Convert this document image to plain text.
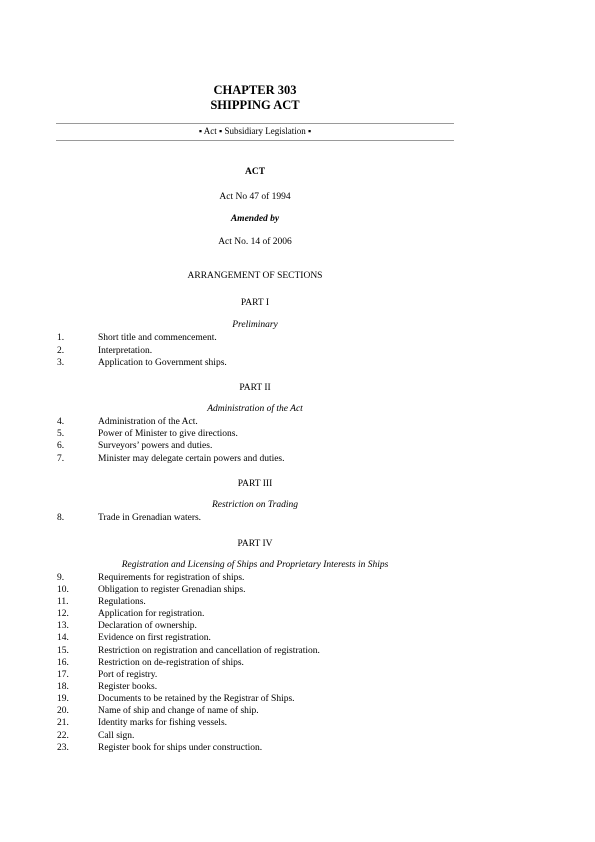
CHAPTER 303
SHIPPING ACT
▪ Act ▪ Subsidiary Legislation ▪
ACT
Act No 47 of 1994
Amended by
Act No. 14 of 2006
ARRANGEMENT OF SECTIONS
PART I
Preliminary
1.	Short title and commencement.
2.	Interpretation.
3.	Application to Government ships.
PART II
Administration of the Act
4.	Administration of the Act.
5.	Power of Minister to give directions.
6.	Surveyors’ powers and duties.
7.	Minister may delegate certain powers and duties.
PART III
Restriction on Trading
8.	Trade in Grenadian waters.
PART IV
Registration and Licensing of Ships and Proprietary Interests in Ships
9.	Requirements for registration of ships.
10.	Obligation to register Grenadian ships.
11.	Regulations.
12.	Application for registration.
13.	Declaration of ownership.
14.	Evidence on first registration.
15.	Restriction on registration and cancellation of registration.
16.	Restriction on de-registration of ships.
17.	Port of registry.
18.	Register books.
19.	Documents to be retained by the Registrar of Ships.
20.	Name of ship and change of name of ship.
21.	Identity marks for fishing vessels.
22.	Call sign.
23.	Register book for ships under construction.
